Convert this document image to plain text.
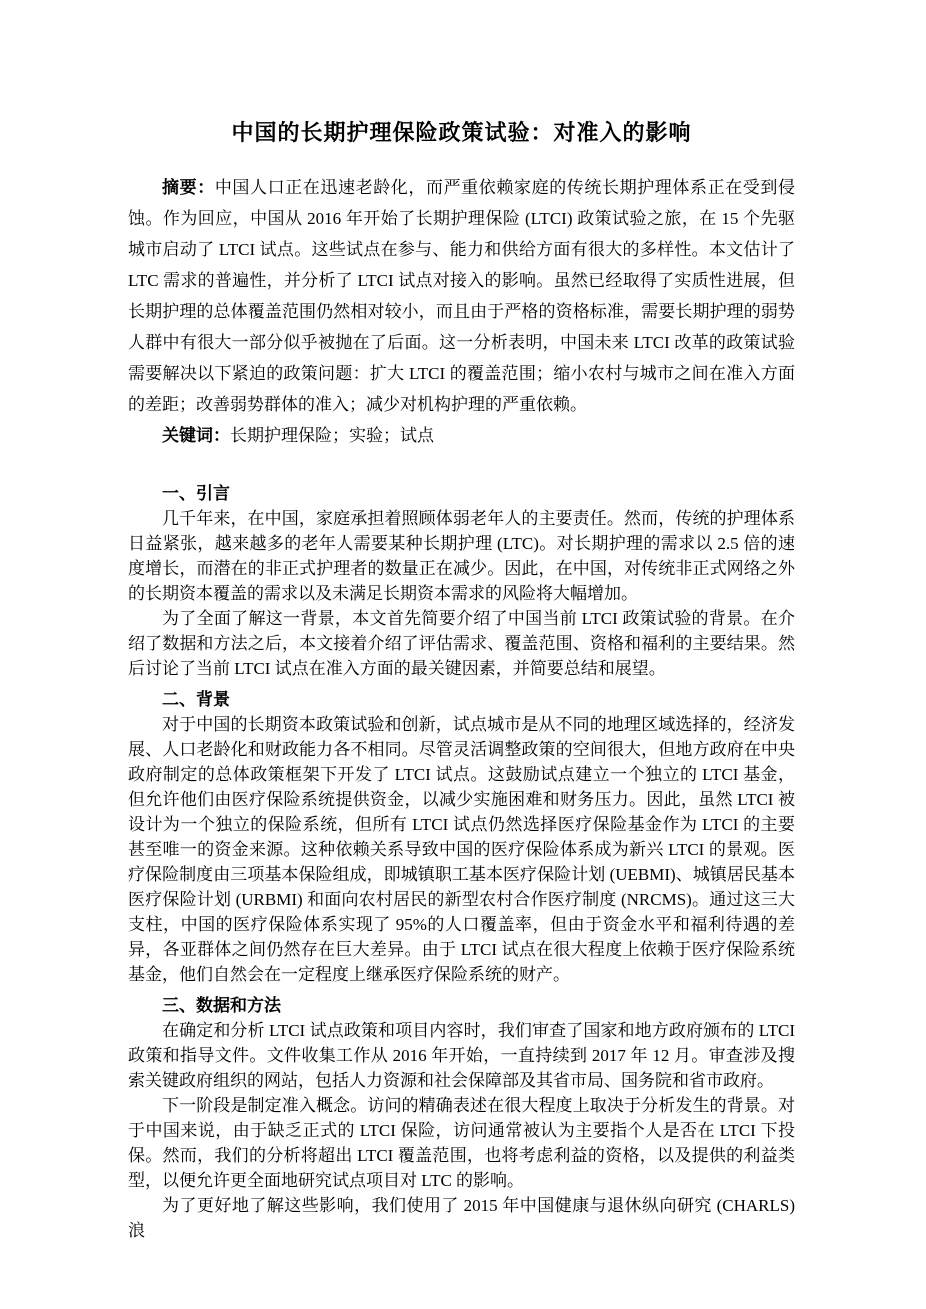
中国的长期护理保险政策试验：对准入的影响

摘要：中国人口正在迅速老龄化，而严重依赖家庭的传统长期护理体系正在受到侵蚀。作为回应，中国从 2016 年开始了长期护理保险 (LTCI) 政策试验之旅，在 15 个先驱城市启动了 LTCI 试点。这些试点在参与、能力和供给方面有很大的多样性。本文估计了 LTC 需求的普遍性，并分析了 LTCI 试点对接入的影响。虽然已经取得了实质性进展，但长期护理的总体覆盖范围仍然相对较小，而且由于严格的资格标准，需要长期护理的弱势人群中有很大一部分似乎被抛在了后面。这一分析表明，中国未来 LTCI 改革的政策试验需要解决以下紧迫的政策问题：扩大 LTCI 的覆盖范围；缩小农村与城市之间在准入方面的差距；改善弱势群体的准入；减少对机构护理的严重依赖。

关键词：长期护理保险；实验；试点

一、引言

几千年来，在中国，家庭承担着照顾体弱老年人的主要责任。然而，传统的护理体系日益紧张，越来越多的老年人需要某种长期护理 (LTC)。对长期护理的需求以 2.5 倍的速度增长，而潜在的非正式护理者的数量正在减少。因此，在中国，对传统非正式网络之外的长期资本覆盖的需求以及未满足长期资本需求的风险将大幅增加。

为了全面了解这一背景，本文首先简要介绍了中国当前 LTCI 政策试验的背景。在介绍了数据和方法之后，本文接着介绍了评估需求、覆盖范围、资格和福利的主要结果。然后讨论了当前 LTCI 试点在准入方面的最关键因素，并简要总结和展望。

二、背景

对于中国的长期资本政策试验和创新，试点城市是从不同的地理区域选择的，经济发展、人口老龄化和财政能力各不相同。尽管灵活调整政策的空间很大，但地方政府在中央政府制定的总体政策框架下开发了 LTCI 试点。这鼓励试点建立一个独立的 LTCI 基金，但允许他们由医疗保险系统提供资金，以减少实施困难和财务压力。因此，虽然 LTCI 被设计为一个独立的保险系统，但所有 LTCI 试点仍然选择医疗保险基金作为 LTCI 的主要甚至唯一的资金来源。这种依赖关系导致中国的医疗保险体系成为新兴 LTCI 的景观。医疗保险制度由三项基本保险组成，即城镇职工基本医疗保险计划 (UEBMI)、城镇居民基本医疗保险计划 (URBMI) 和面向农村居民的新型农村合作医疗制度 (NRCMS)。通过这三大支柱，中国的医疗保险体系实现了 95%的人口覆盖率，但由于资金水平和福利待遇的差异，各亚群体之间仍然存在巨大差异。由于 LTCI 试点在很大程度上依赖于医疗保险系统基金，他们自然会在一定程度上继承医疗保险系统的财产。

三、数据和方法

在确定和分析 LTCI 试点政策和项目内容时，我们审查了国家和地方政府颁布的 LTCI 政策和指导文件。文件收集工作从 2016 年开始，一直持续到 2017 年 12 月。审查涉及搜索关键政府组织的网站，包括人力资源和社会保障部及其省市局、国务院和省市政府。

下一阶段是制定准入概念。访问的精确表述在很大程度上取决于分析发生的背景。对于中国来说，由于缺乏正式的 LTCI 保险，访问通常被认为主要指个人是否在 LTCI 下投保。然而，我们的分析将超出 LTCI 覆盖范围，也将考虑利益的资格，以及提供的利益类型，以便允许更全面地研究试点项目对 LTC 的影响。

为了更好地了解这些影响，我们使用了 2015 年中国健康与退休纵向研究 (CHARLS) 浪
